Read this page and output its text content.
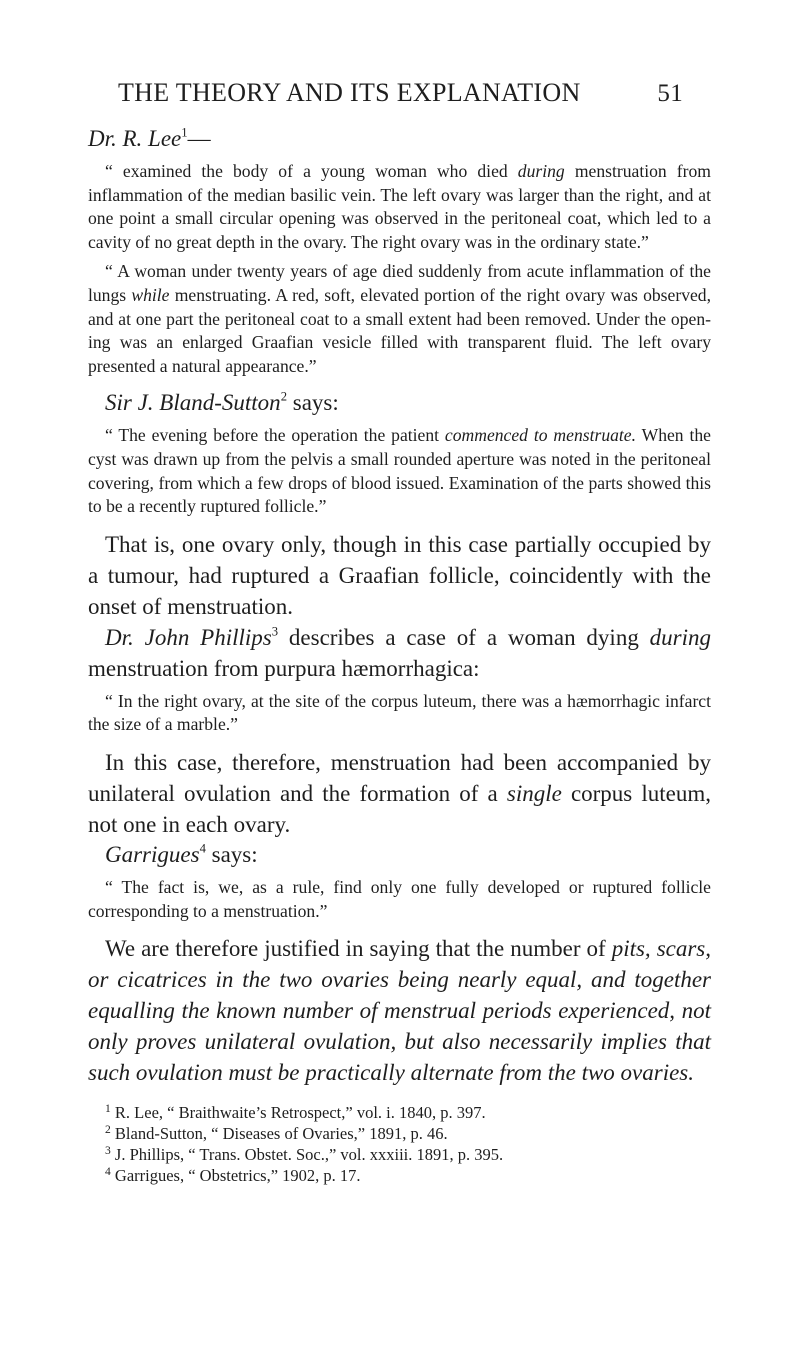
THE THEORY AND ITS EXPLANATION	51

Dr. R. Lee$^1$—

“ examined the body of a young woman who died during menstruation from inflammation of the median basilic vein. The left ovary was larger than the right, and at one point a small circular opening was observed in the peritoneal coat, which led to a cavity of no great depth in the ovary. The right ovary was in the ordinary state.”

“ A woman under twenty years of age died suddenly from acute inflammation of the lungs while menstruating. A red, soft, elevated portion of the right ovary was observed, and at one part the peritoneal coat to a small extent had been removed. Under the opening was an enlarged Graafian vesicle filled with transparent fluid. The left ovary presented a natural appearance.”

Sir J. Bland-Sutton$^2$ says:

“ The evening before the operation the patient commenced to menstruate. When the cyst was drawn up from the pelvis a small rounded aperture was noted in the peritoneal covering, from which a few drops of blood issued. Examination of the parts showed this to be a recently ruptured follicle.”

That is, one ovary only, though in this case partially occupied by a tumour, had ruptured a Graafian follicle, coincidently with the onset of menstruation.

Dr. John Phillips$^3$ describes a case of a woman dying during menstruation from purpura hæmorrhagica:

“ In the right ovary, at the site of the corpus luteum, there was a hæmorrhagic infarct the size of a marble.”

In this case, therefore, menstruation had been accompanied by unilateral ovulation and the formation of a single corpus luteum, not one in each ovary.

Garrigues$^4$ says:

“ The fact is, we, as a rule, find only one fully developed or ruptured follicle corresponding to a menstruation.”

We are therefore justified in saying that the number of pits, scars, or cicatrices in the two ovaries being nearly equal, and together equalling the known number of menstrual periods experienced, not only proves unilateral ovulation, but also necessarily implies that such ovulation must be practically alternate from the two ovaries.

$^1$ R. Lee, “ Braithwaite’s Retrospect,” vol. i. 1840, p. 397.

$^2$ Bland-Sutton, “ Diseases of Ovaries,” 1891, p. 46.

$^3$ J. Phillips, “ Trans. Obstet. Soc.,” vol. xxxiii. 1891, p. 395.

$^4$ Garrigues, “ Obstetrics,” 1902, p. 17.
